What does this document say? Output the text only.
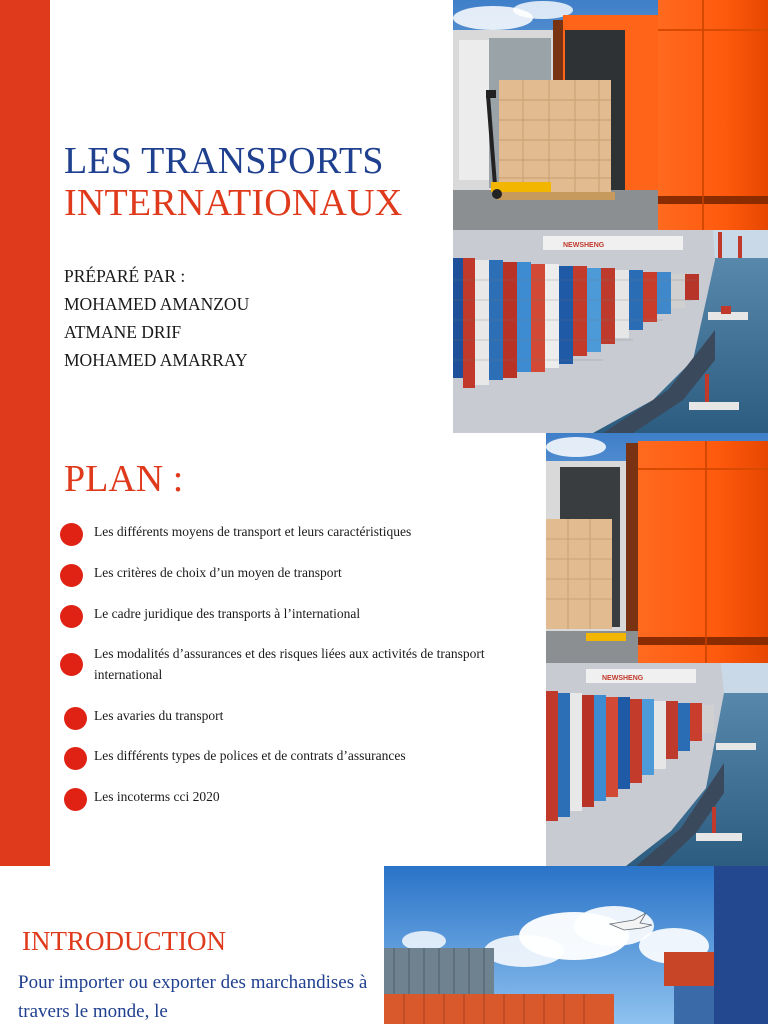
LES TRANSPORTS
INTERNATIONAUX
PRÉPARÉ PAR :
MOHAMED AMANZOU
ATMANE DRIF
MOHAMED AMARRAY
NEWSHENG
PLAN :
Les différents moyens de transport et leurs caractéristiques
Les critères de choix d’un moyen de transport
Le cadre juridique des transports à l’international
Les modalités d’assurances et des risques liées aux activités de transport international
Les avaries du transport
Les différents types de polices et de contrats d’assurances
Les incoterms cci 2020
NEWSHENG
INTRODUCTION

Pour importer ou exporter des marchandises à travers le monde, le
